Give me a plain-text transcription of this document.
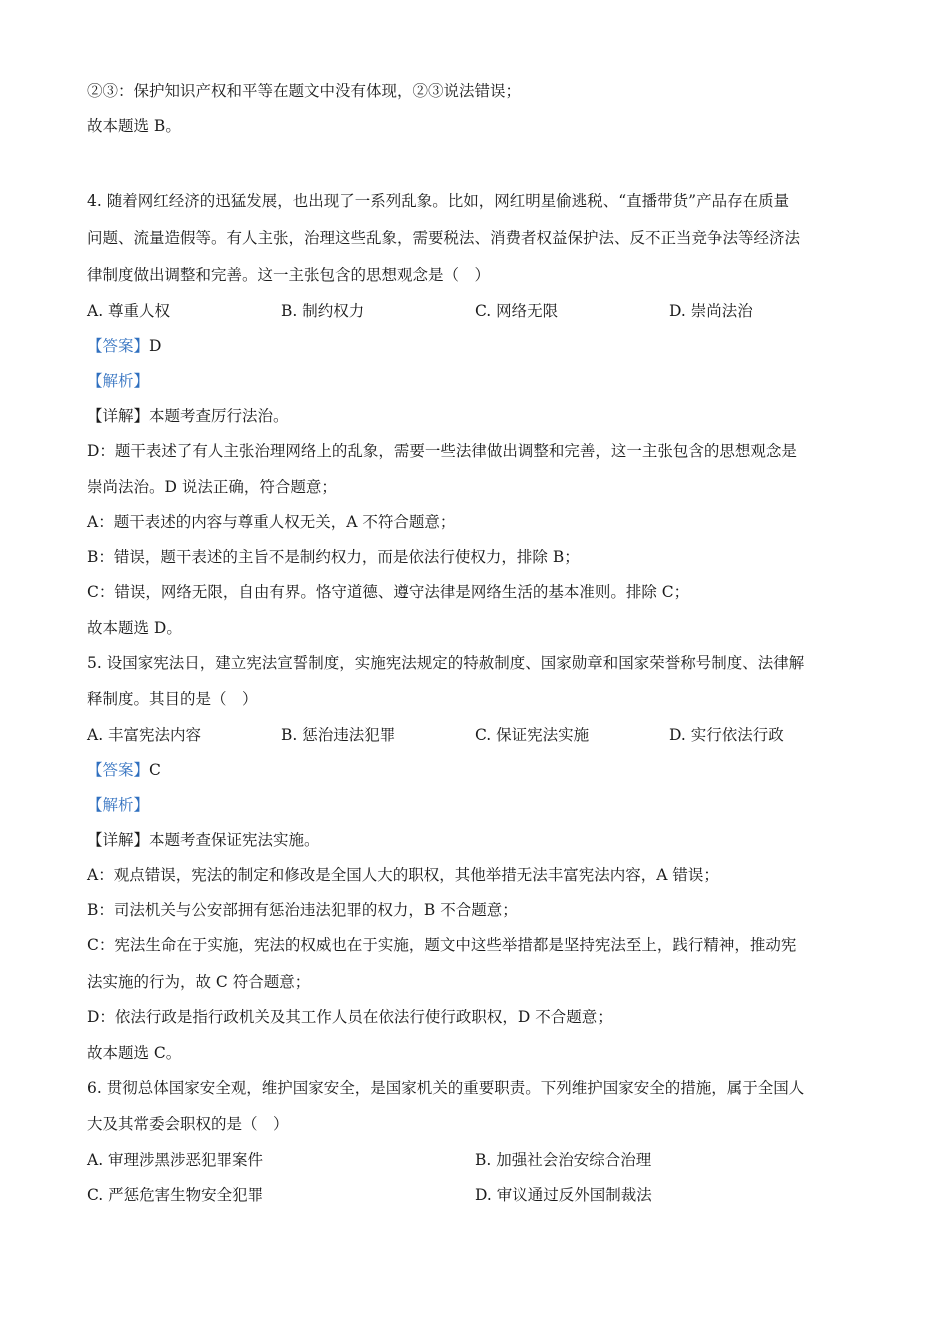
②③：保护知识产权和平等在题文中没有体现，②③说法错误；
故本题选 B。
4. 随着网红经济的迅猛发展，也出现了一系列乱象。比如，网红明星偷逃税、“直播带货”产品存在质量
问题、流量造假等。有人主张，治理这些乱象，需要税法、消费者权益保护法、反不正当竞争法等经济法
律制度做出调整和完善。这一主张包含的思想观念是（　）
A. 尊重人权	B. 制约权力	C. 网络无限	D. 崇尚法治
【答案】D
【解析】
【详解】本题考查厉行法治。
D：题干表述了有人主张治理网络上的乱象，需要一些法律做出调整和完善，这一主张包含的思想观念是
崇尚法治。D 说法正确，符合题意；
A：题干表述的内容与尊重人权无关，A 不符合题意；
B：错误，题干表述的主旨不是制约权力，而是依法行使权力，排除 B；
C：错误，网络无限，自由有界。恪守道德、遵守法律是网络生活的基本准则。排除 C；
故本题选 D。
5. 设国家宪法日，建立宪法宣誓制度，实施宪法规定的特赦制度、国家勋章和国家荣誉称号制度、法律解
释制度。其目的是（　）
A. 丰富宪法内容	B. 惩治违法犯罪	C. 保证宪法实施	D. 实行依法行政
【答案】C
【解析】
【详解】本题考查保证宪法实施。
A：观点错误，宪法的制定和修改是全国人大的职权，其他举措无法丰富宪法内容，A 错误；
B：司法机关与公安部拥有惩治违法犯罪的权力，B 不合题意；
C：宪法生命在于实施，宪法的权威也在于实施，题文中这些举措都是坚持宪法至上，践行精神，推动宪
法实施的行为，故 C 符合题意；
D：依法行政是指行政机关及其工作人员在依法行使行政职权，D 不合题意；
故本题选 C。
6. 贯彻总体国家安全观，维护国家安全，是国家机关的重要职责。下列维护国家安全的措施，属于全国人
大及其常委会职权的是（　）
A. 审理涉黑涉恶犯罪案件	B. 加强社会治安综合治理
C. 严惩危害生物安全犯罪	D. 审议通过反外国制裁法
